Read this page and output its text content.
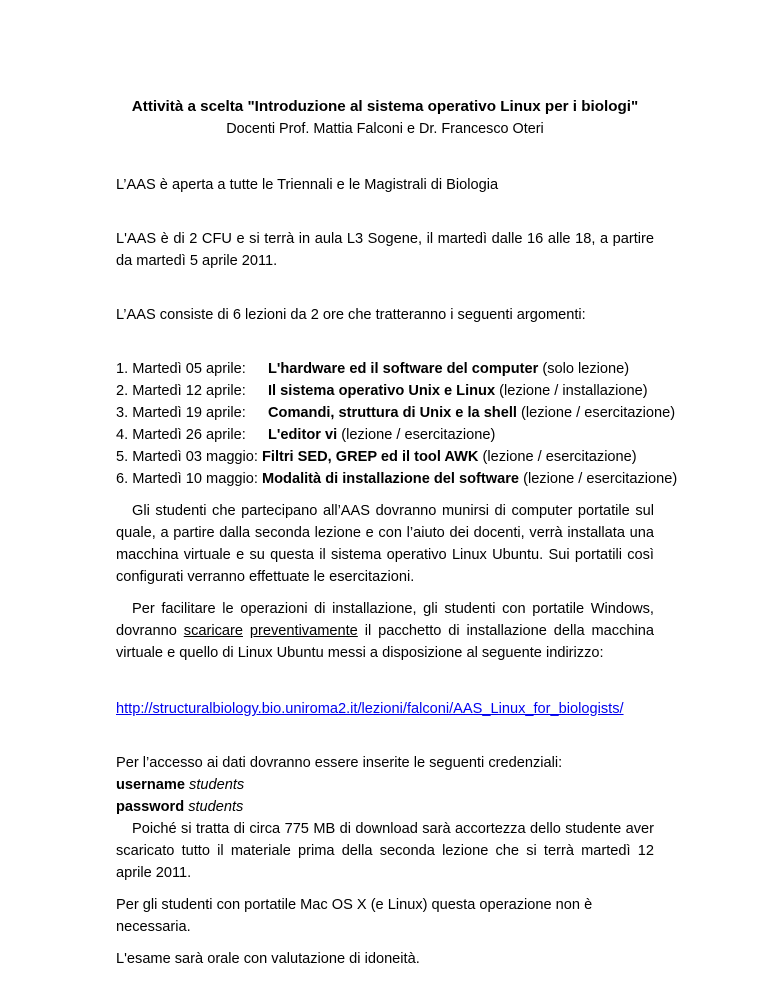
Attività a scelta "Introduzione al sistema operativo Linux per i biologi"
Docenti Prof. Mattia Falconi e Dr. Francesco Oteri

L’AAS è aperta a tutte le Triennali e le Magistrali di Biologia

L'AAS è di 2 CFU e si terrà in aula L3 Sogene, il martedì dalle 16 alle 18, a partire da martedì 5 aprile 2011.

L’AAS consiste di 6 lezioni da 2 ore che tratteranno i seguenti argomenti:

1. Martedì 05 aprile: L'hardware ed il software del computer (solo lezione)
2. Martedì 12 aprile: Il sistema operativo Unix e Linux (lezione / installazione)
3. Martedì 19 aprile: Comandi, struttura di Unix e la shell (lezione / esercitazione)
4. Martedì 26 aprile: L'editor vi (lezione / esercitazione)
5. Martedì 03 maggio: Filtri SED, GREP ed il tool AWK (lezione / esercitazione)
6. Martedì 10 maggio: Modalità di installazione del software (lezione / esercitazione)

Gli studenti che partecipano all’AAS dovranno munirsi di computer portatile sul quale, a partire dalla seconda lezione e con l’aiuto dei docenti, verrà installata una macchina virtuale e su questa il sistema operativo Linux Ubuntu. Sui portatili così configurati verranno effettuate le esercitazioni.

Per facilitare le operazioni di installazione, gli studenti con portatile Windows, dovranno scaricare preventivamente il pacchetto di installazione della macchina virtuale e quello di Linux Ubuntu messi a disposizione al seguente indirizzo:

http://structuralbiology.bio.uniroma2.it/lezioni/falconi/AAS_Linux_for_biologists/

Per l’accesso ai dati dovranno essere inserite le seguenti credenziali:

username students
password students

Poiché si tratta di circa 775 MB di download sarà accortezza dello studente aver scaricato tutto il materiale prima della seconda lezione che si terrà martedì 12 aprile 2011.

Per gli studenti con portatile Mac OS X (e Linux) questa operazione non è necessaria.

L'esame sarà orale con valutazione di idoneità.
